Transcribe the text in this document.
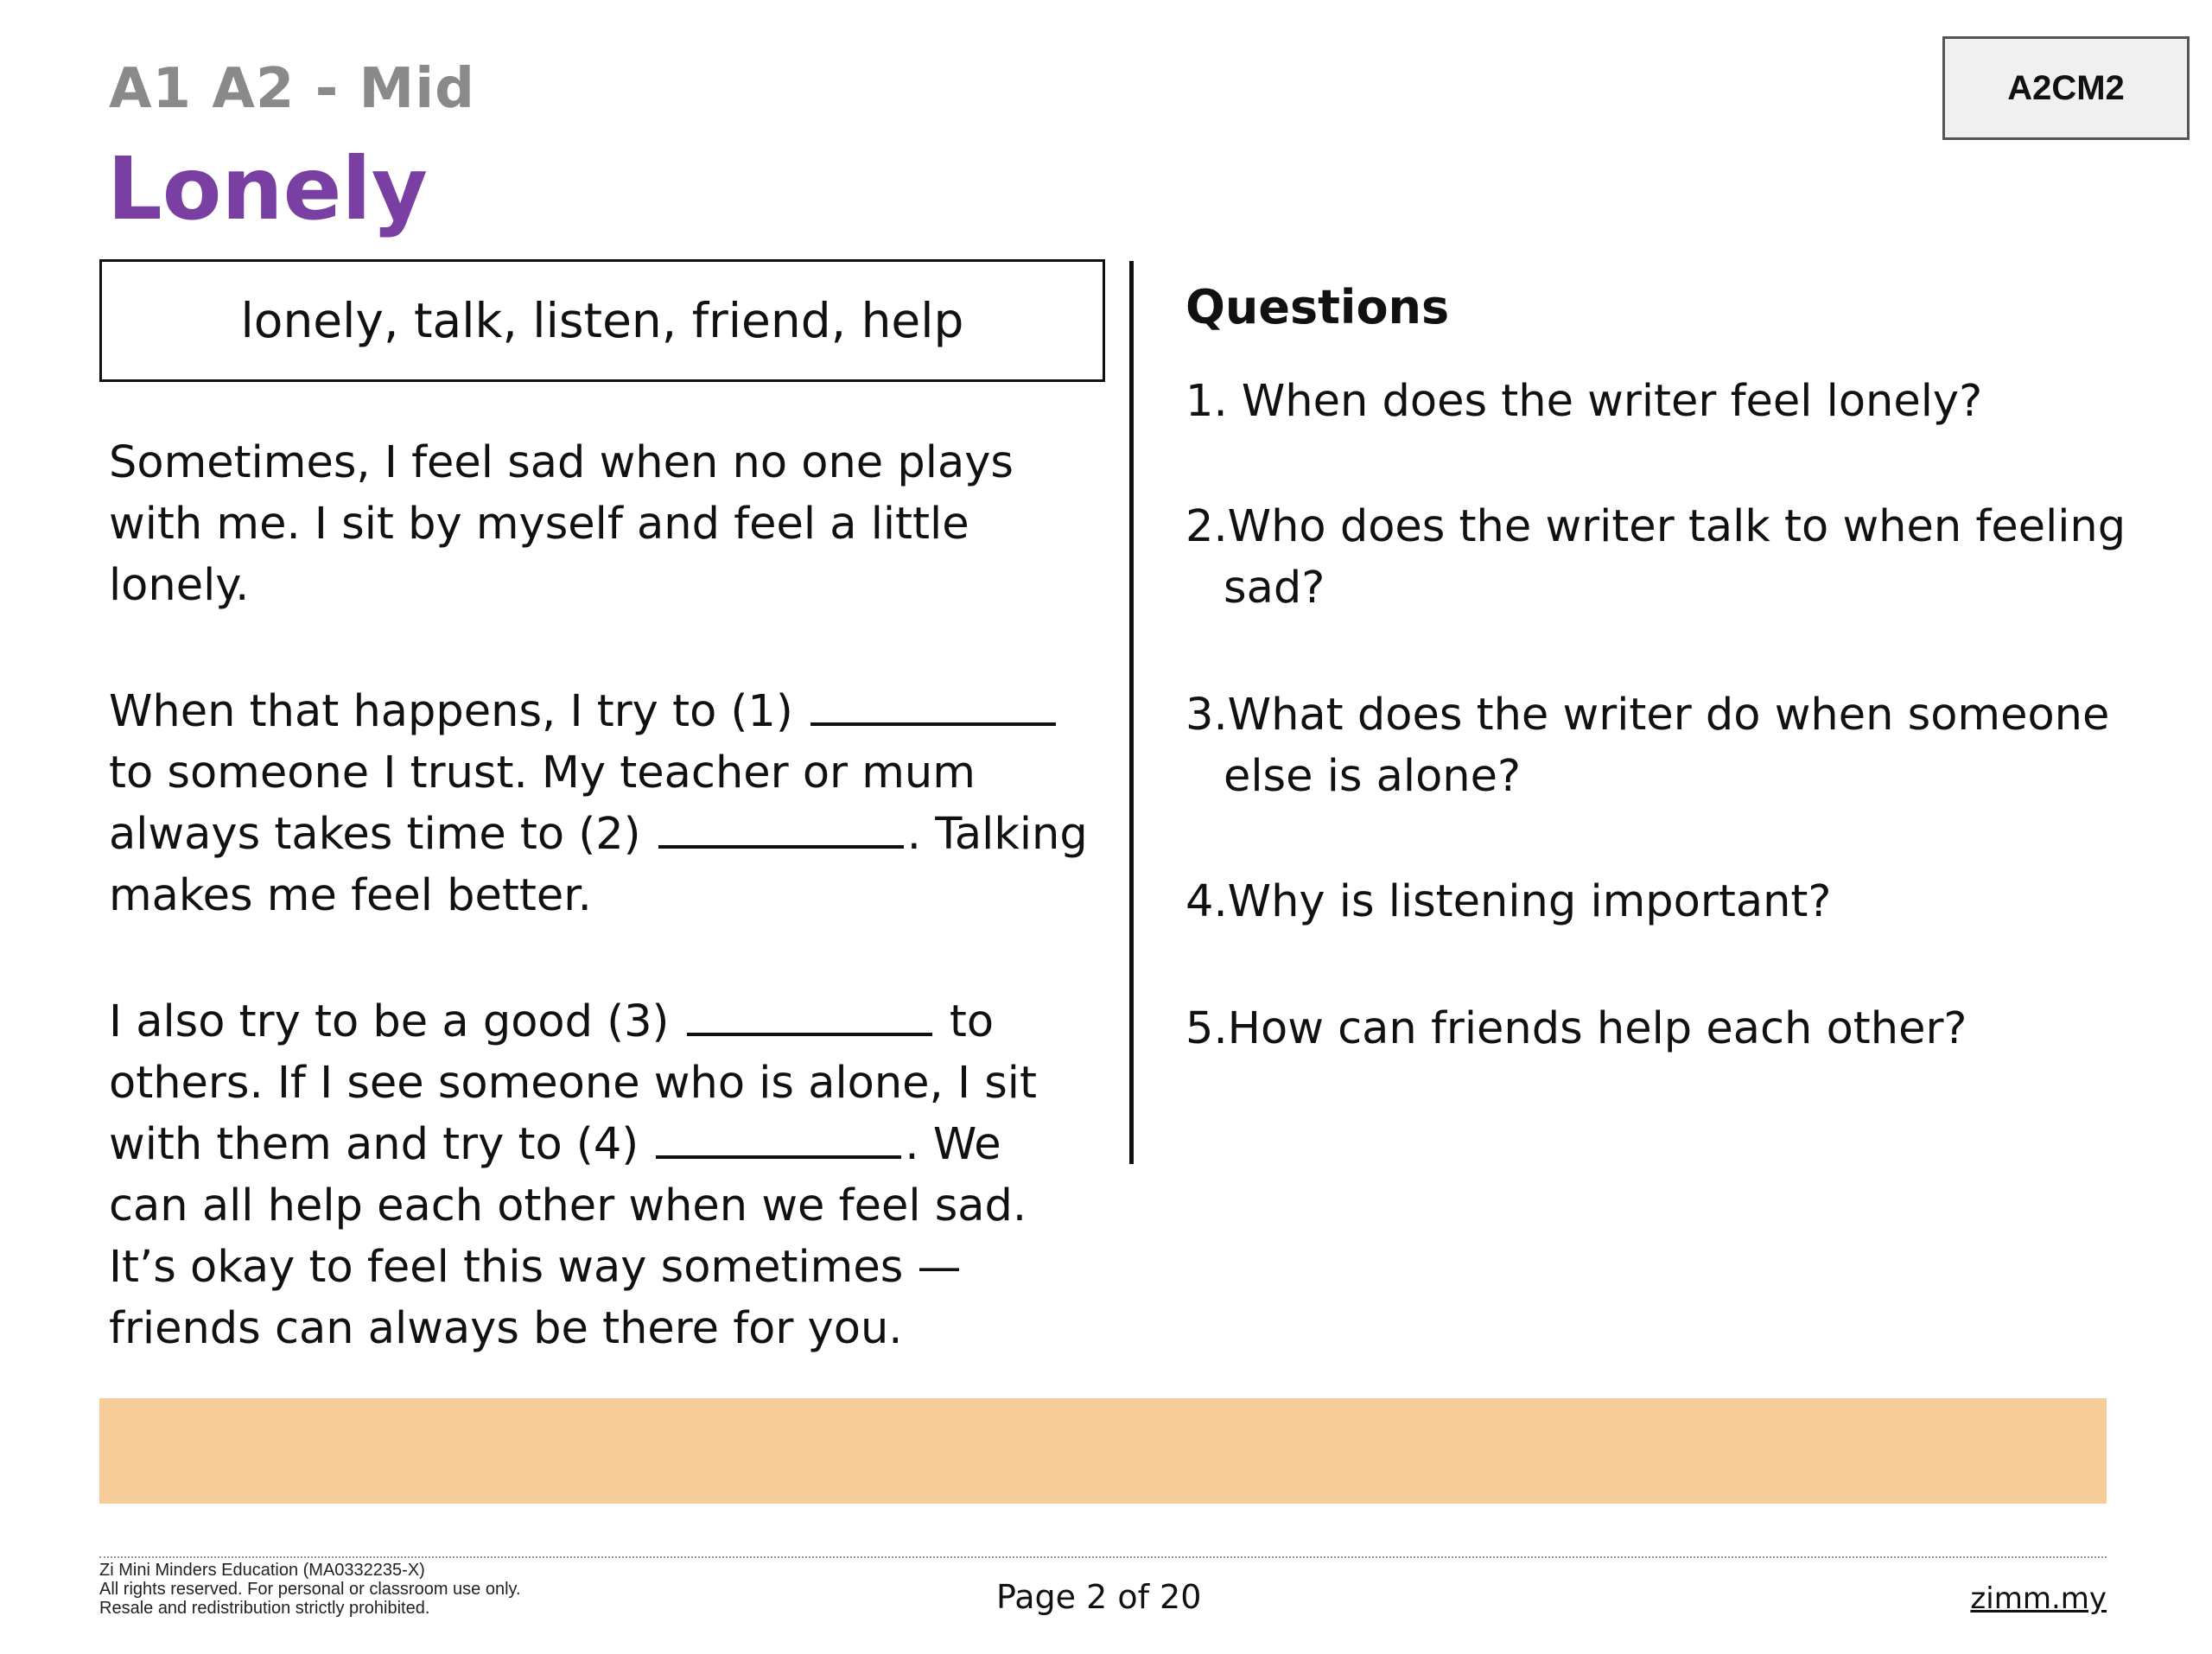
A1 A2 - Mid
Lonely
A2CM2
lonely, talk, listen, friend, help

Sometimes, I feel sad when no one plays
with me. I sit by myself and feel a little
lonely.

When that happens, I try to (1)
to someone I trust. My teacher or mum
always takes time to (2)	. Talking
makes me feel better.

I also try to be a good (3)	to
others. If I see someone who is alone, I sit
with them and try to (4)	. We
can all help each other when we feel sad.
It’s okay to feel this way sometimes —
friends can always be there for you.

Questions
1. When does the writer feel lonely?
2.Who does the writer talk to when feeling
sad?
3.What does the writer do when someone
else is alone?
4.Why is listening important?
5.How can friends help each other?
Zi Mini Minders Education (MA0332235-X)
All rights reserved. For personal or classroom use only.
Resale and redistribution strictly prohibited.	Page 2 of 20	zimm.my
